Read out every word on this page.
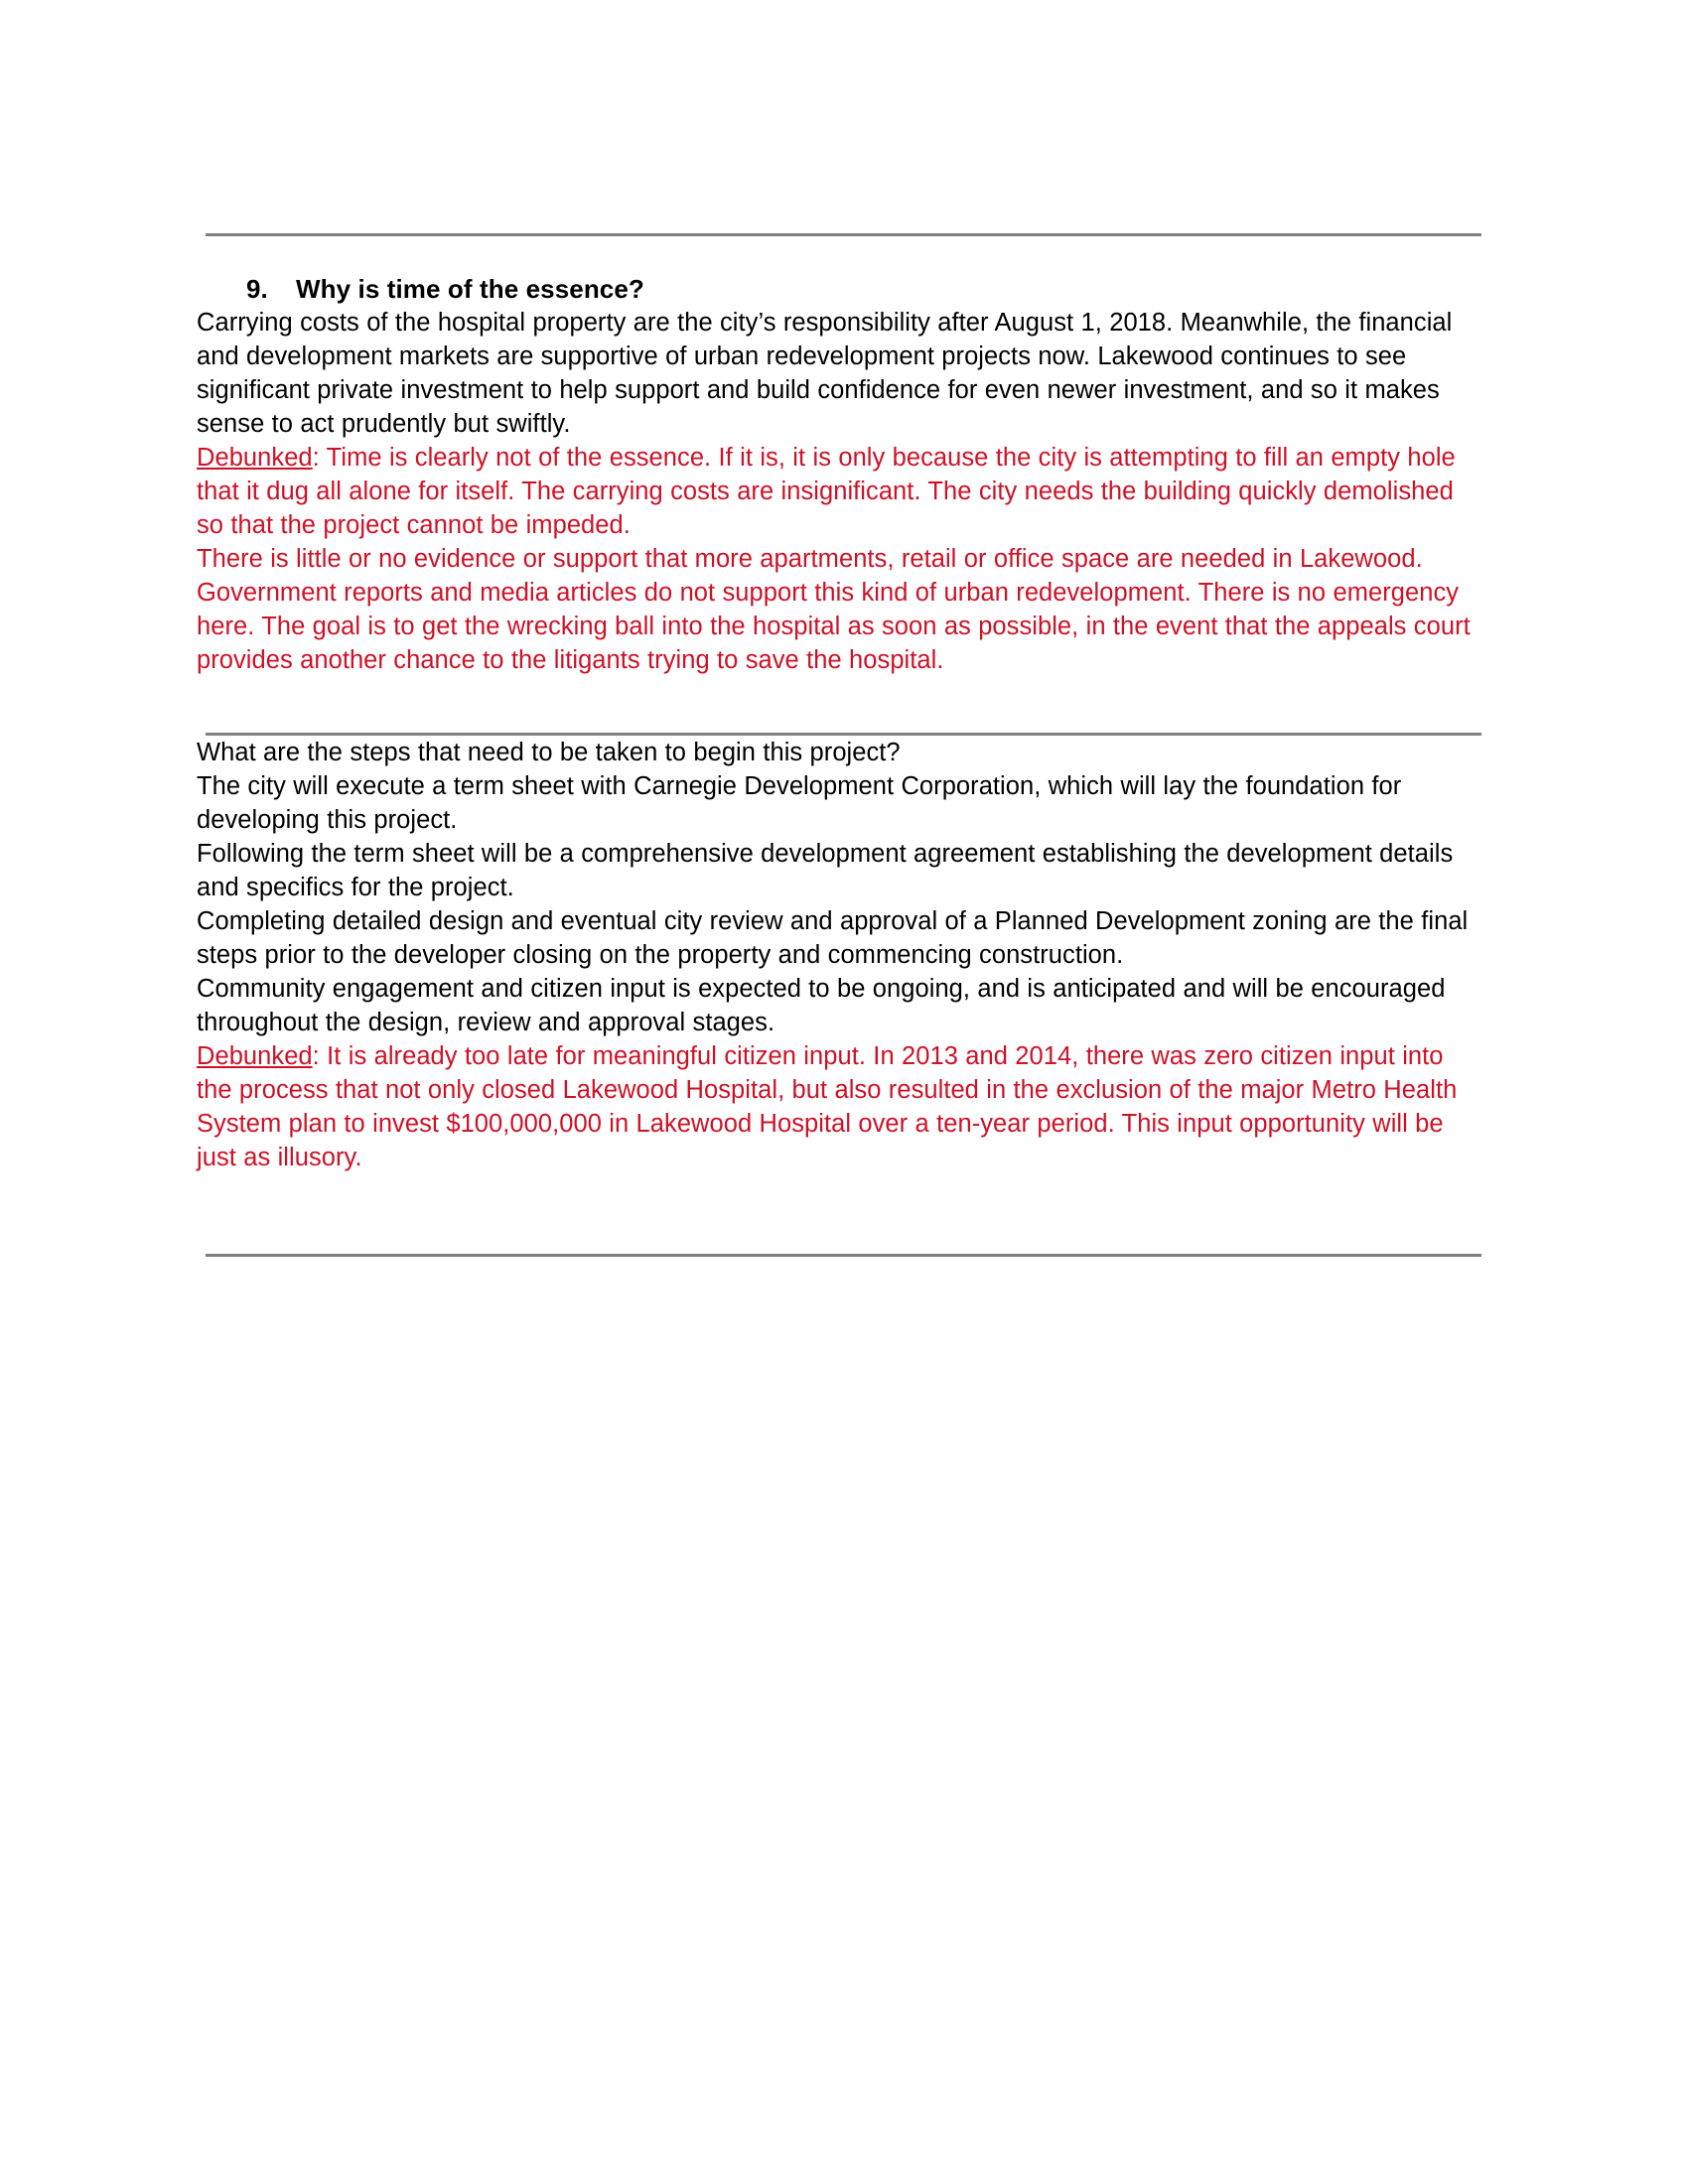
9. Why is time of the essence?

Carrying costs of the hospital property are the city’s responsibility after August 1, 2018. Meanwhile, the financial and development markets are supportive of urban redevelopment projects now. Lakewood continues to see significant private investment to help support and build confidence for even newer investment, and so it makes sense to act prudently but swiftly.

Debunked: Time is clearly not of the essence. If it is, it is only because the city is attempting to fill an empty hole that it dug all alone for itself. The carrying costs are insignificant. The city needs the building quickly demolished so that the project cannot be impeded.

There is little or no evidence or support that more apartments, retail or office space are needed in Lakewood. Government reports and media articles do not support this kind of urban redevelopment. There is no emergency here. The goal is to get the wrecking ball into the hospital as soon as possible, in the event that the appeals court provides another chance to the litigants trying to save the hospital.

What are the steps that need to be taken to begin this project?

The city will execute a term sheet with Carnegie Development Corporation, which will lay the foundation for developing this project.

Following the term sheet will be a comprehensive development agreement establishing the development details and specifics for the project.

Completing detailed design and eventual city review and approval of a Planned Development zoning are the final steps prior to the developer closing on the property and commencing construction.

Community engagement and citizen input is expected to be ongoing, and is anticipated and will be encouraged throughout the design, review and approval stages.

Debunked: It is already too late for meaningful citizen input. In 2013 and 2014, there was zero citizen input into the process that not only closed Lakewood Hospital, but also resulted in the exclusion of the major Metro Health System plan to invest $100,000,000 in Lakewood Hospital over a ten-year period. This input opportunity will be just as illusory.
